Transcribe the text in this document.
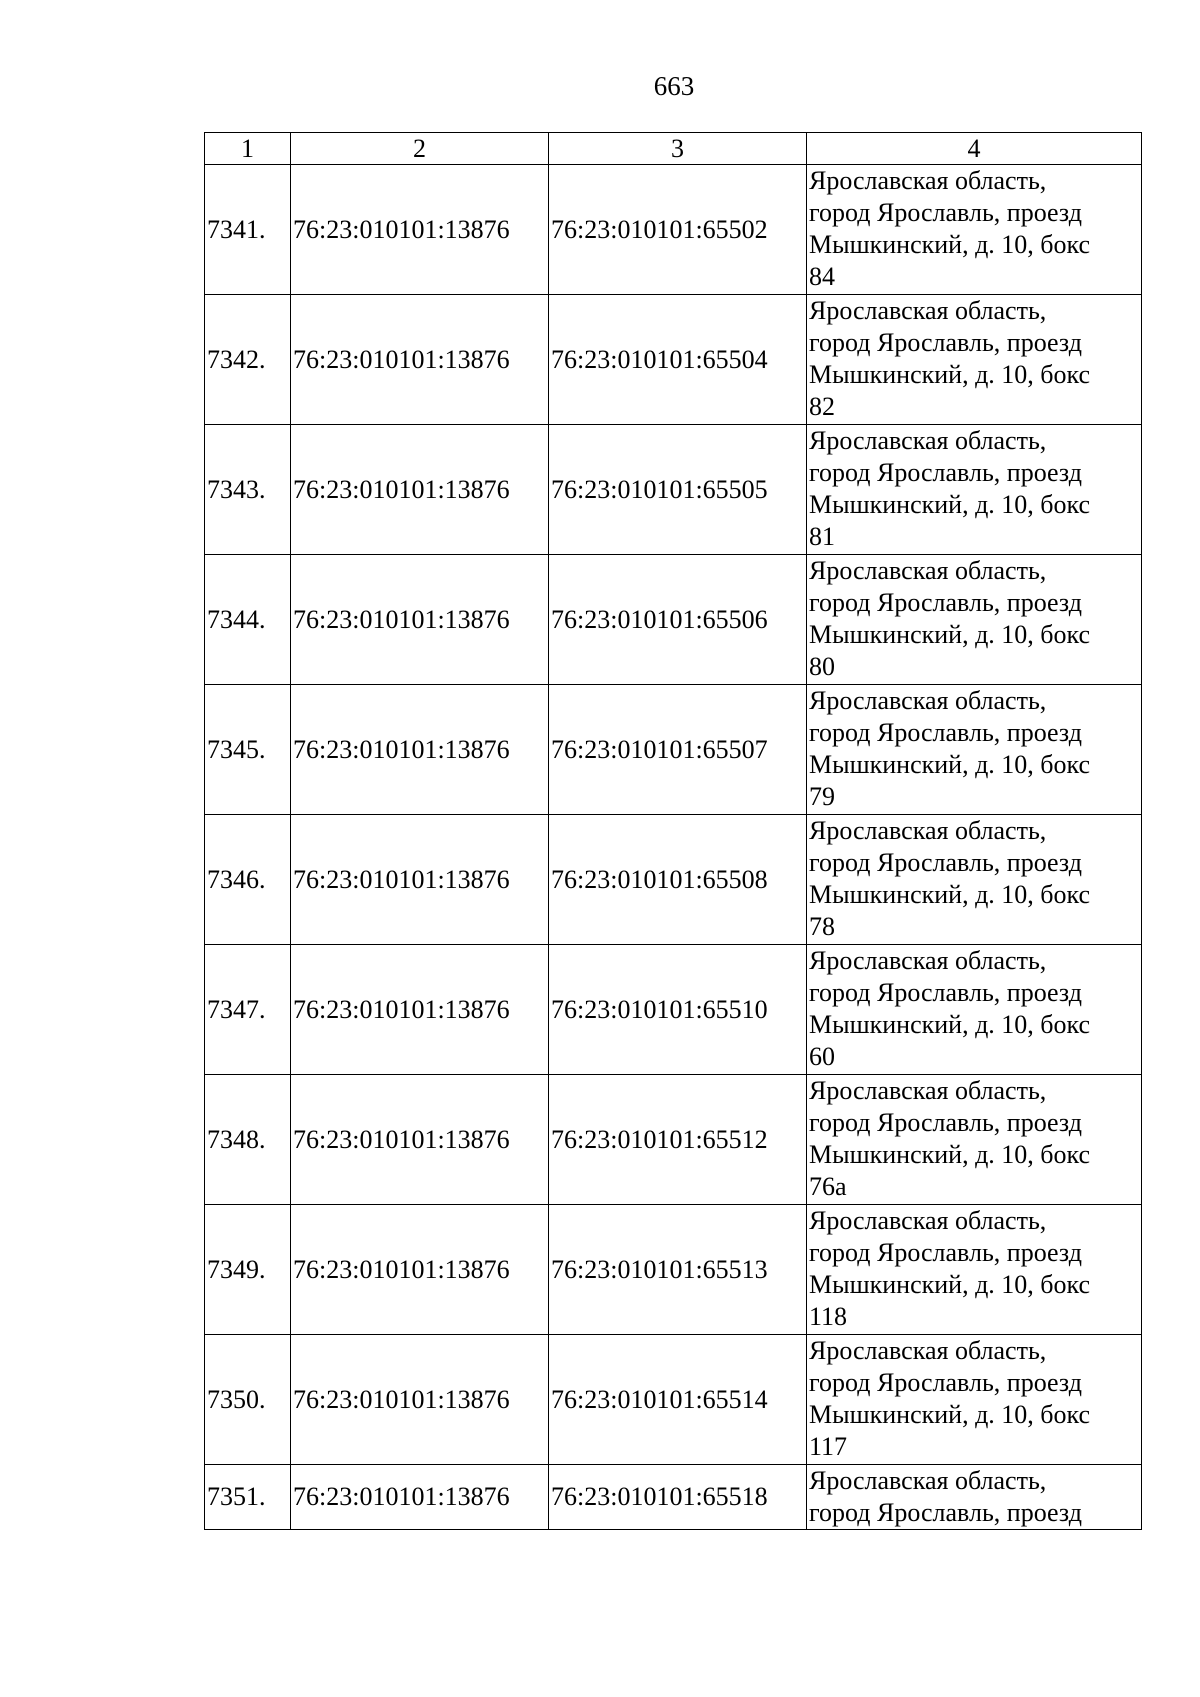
663
1	2	3	4
7341.	76:23:010101:13876	76:23:010101:65502	Ярославская область,
город Ярославль, проезд
Мышкинский, д. 10, бокс
84

7342.	76:23:010101:13876	76:23:010101:65504	Ярославская область,
город Ярославль, проезд
Мышкинский, д. 10, бокс
82

7343.	76:23:010101:13876	76:23:010101:65505	Ярославская область,
город Ярославль, проезд
Мышкинский, д. 10, бокс
81

7344.	76:23:010101:13876	76:23:010101:65506	Ярославская область,
город Ярославль, проезд
Мышкинский, д. 10, бокс
80

7345.	76:23:010101:13876	76:23:010101:65507	Ярославская область,
город Ярославль, проезд
Мышкинский, д. 10, бокс
79

7346.	76:23:010101:13876	76:23:010101:65508	Ярославская область,
город Ярославль, проезд
Мышкинский, д. 10, бокс
78

7347.	76:23:010101:13876	76:23:010101:65510	Ярославская область,
город Ярославль, проезд
Мышкинский, д. 10, бокс
60

7348.	76:23:010101:13876	76:23:010101:65512	Ярославская область,
город Ярославль, проезд
Мышкинский, д. 10, бокс
76а

7349.	76:23:010101:13876	76:23:010101:65513	Ярославская область,
город Ярославль, проезд
Мышкинский, д. 10, бокс
118

7350.	76:23:010101:13876	76:23:010101:65514	Ярославская область,
город Ярославль, проезд
Мышкинский, д. 10, бокс
117

7351.	76:23:010101:13876	76:23:010101:65518	Ярославская область,
город Ярославль, проезд
